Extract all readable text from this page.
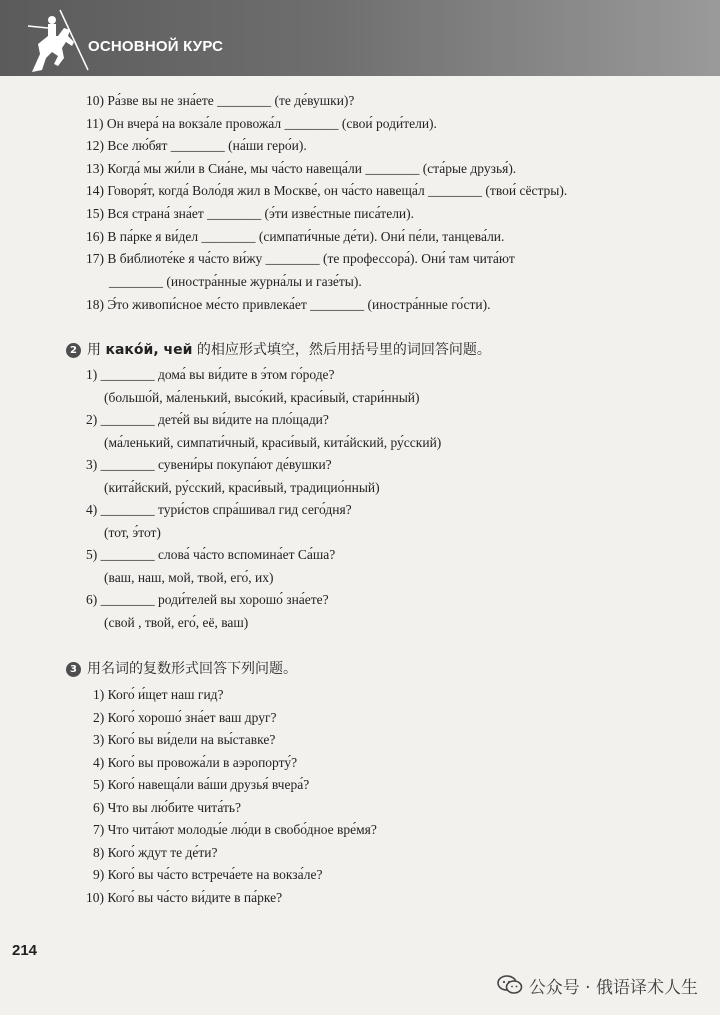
ОСНОВНОЙ КУРС
10) Ра́зве вы не зна́ете ________ (те де́вушки)?
11) Он вчера́ на вокза́ле провожа́л ________ (свои́ роди́тели).
12) Все лю́бят ________ (на́ши геро́и).
13) Когда́ мы жи́ли в Сиа́не, мы ча́сто навеща́ли ________ (ста́рые друзья́).
14) Говоря́т, когда́ Воло́дя жил в Москве́, он ча́сто навеща́л ________ (твои́ сёстры).
15) Вся страна́ зна́ет ________ (э́ти изве́стные писа́тели).
16) В па́рке я ви́дел ________ (симпати́чные де́ти). Они́ пе́ли, танцева́ли.
17) В библиоте́ке я ча́сто ви́жу ________ (те профессора́). Они́ там чита́ют
________ (иностра́нные журна́лы и газе́ты).
18) Э́то живопи́сное ме́сто привлека́ет ________ (иностра́нные го́сти).
2 用 како́й, чей 的相应形式填空，然后用括号里的词回答问题。
1) ________ дома́ вы ви́дите в э́том го́роде?
(большо́й, ма́ленький, высо́кий, краси́вый, стари́нный)
2) ________ дете́й вы ви́дите на пло́щади?
(ма́ленький, симпати́чный, краси́вый, кита́йский, ру́сский)
3) ________ сувени́ры покупа́ют де́вушки?
(кита́йский, ру́сский, краси́вый, традицио́нный)
4) ________ тури́стов спра́шивал гид сего́дня?
(тот, э́тот)
5) ________ слова́ ча́сто вспомина́ет Са́ша?
(ваш, наш, мой, твой, его́, их)
6) ________ роди́телей вы хорошо́ зна́ете?
(свой , твой, его́, её, ваш)
3 用名词的复数形式回答下列问题。
1) Кого́ и́щет наш гид?
2) Кого́ хорошо́ зна́ет ваш друг?
3) Кого́ вы ви́дели на вы́ставке?
4) Кого́ вы провожа́ли в аэропорту́?
5) Кого́ навеща́ли ва́ши друзья́ вчера́?
6) Что вы лю́бите чита́ть?
7) Что чита́ют молоды́е лю́ди в свобо́дное вре́мя?
8) Кого́ ждут те де́ти?
9) Кого́ вы ча́сто встреча́ете на вокза́ле?
10) Кого́ вы ча́сто ви́дите в па́рке?
214
公众号 · 俄语译术人生
